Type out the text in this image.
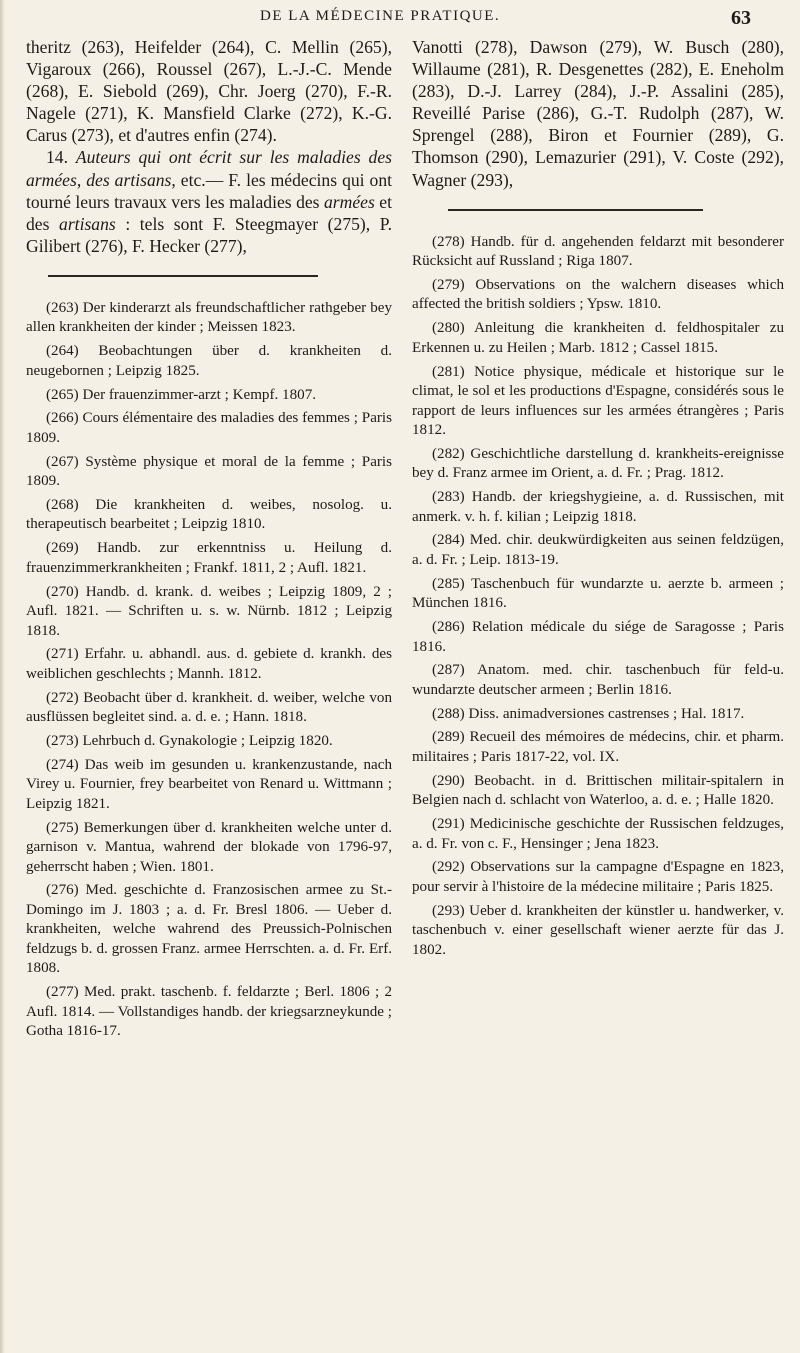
DE LA MÉDECINE PRATIQUE.	63

theritz (263), Heifelder (264), C. Mellin (265), Vigaroux (266), Roussel (267), L.-J.-C. Mende (268), E. Siebold (269), Chr. Joerg (270), F.-R. Nagele (271), K. Mansfield Clarke (272), K.-G. Carus (273), et d'autres enfin (274).

14. Auteurs qui ont écrit sur les maladies des armées, des artisans, etc.— F. les médecins qui ont tourné leurs travaux vers les maladies des armées et des artisans : tels sont F. Steegmayer (275), P. Gilibert (276), F. Hecker (277),

(263) Der kinderarzt als freundschaftlicher rathgeber bey allen krankheiten der kinder ; Meissen 1823.

(264) Beobachtungen über d. krankheiten d. neugebornen ; Leipzig 1825.

(265) Der frauenzimmer-arzt ; Kempf. 1807.

(266) Cours élémentaire des maladies des femmes ; Paris 1809.

(267) Système physique et moral de la femme ; Paris 1809.

(268) Die krankheiten d. weibes, nosolog. u. therapeutisch bearbeitet ; Leipzig 1810.

(269) Handb. zur erkenntniss u. Heilung d. frauenzimmerkrankheiten ; Frankf. 1811, 2 ; Aufl. 1821.

(270) Handb. d. krank. d. weibes ; Leipzig 1809, 2 ; Aufl. 1821. — Schriften u. s. w. Nürnb. 1812 ; Leipzig 1818.

(271) Erfahr. u. abhandl. aus. d. gebiete d. krankh. des weiblichen geschlechts ; Mannh. 1812.

(272) Beobacht über d. krankheit. d. weiber, welche von ausflüssen begleitet sind. a. d. e. ; Hann. 1818.

(273) Lehrbuch d. Gynakologie ; Leipzig 1820.

(274) Das weib im gesunden u. krankenzustande, nach Virey u. Fournier, frey bearbeitet von Renard u. Wittmann ; Leipzig 1821.

(275) Bemerkungen über d. krankheiten welche unter d. garnison v. Mantua, wahrend der blokade von 1796-97, geherrscht haben ; Wien. 1801.

(276) Med. geschichte d. Franzosischen armee zu St.-Domingo im J. 1803 ; a. d. Fr. Bresl 1806. — Ueber d. krankheiten, welche wahrend des Preussich-Polnischen feldzugs b. d. grossen Franz. armee Herrschten. a. d. Fr. Erf. 1808.

(277) Med. prakt. taschenb. f. feldarzte ; Berl. 1806 ; 2 Aufl. 1814. — Vollstandiges handb. der kriegsarzneykunde ; Gotha 1816-17.

Vanotti (278), Dawson (279), W. Busch (280), Willaume (281), R. Desgenettes (282), E. Eneholm (283), D.-J. Larrey (284), J.-P. Assalini (285), Reveillé Parise (286), G.-T. Rudolph (287), W. Sprengel (288), Biron et Fournier (289), G. Thomson (290), Lemazurier (291), V. Coste (292), Wagner (293),

(278) Handb. für d. angehenden feldarzt mit besonderer Rücksicht auf Russland ; Riga 1807.

(279) Observations on the walchern diseases which affected the british soldiers ; Ypsw. 1810.

(280) Anleitung die krankheiten d. feldhospitaler zu Erkennen u. zu Heilen ; Marb. 1812 ; Cassel 1815.

(281) Notice physique, médicale et historique sur le climat, le sol et les productions d'Espagne, considérés sous le rapport de leurs influences sur les armées étrangères ; Paris 1812.

(282) Geschichtliche darstellung d. krankheits-ereignisse bey d. Franz armee im Orient, a. d. Fr. ; Prag. 1812.

(283) Handb. der kriegshygieine, a. d. Russischen, mit anmerk. v. h. f. kilian ; Leipzig 1818.

(284) Med. chir. deukwürdigkeiten aus seinen feldzügen, a. d. Fr. ; Leip. 1813-19.

(285) Taschenbuch für wundarzte u. aerzte b. armeen ; München 1816.

(286) Relation médicale du siége de Saragosse ; Paris 1816.

(287) Anatom. med. chir. taschenbuch für feld-u. wundarzte deutscher armeen ; Berlin 1816.

(288) Diss. animadversiones castrenses ; Hal. 1817.

(289) Recueil des mémoires de médecins, chir. et pharm. militaires ; Paris 1817-22, vol. IX.

(290) Beobacht. in d. Brittischen militair-spitalern in Belgien nach d. schlacht von Waterloo, a. d. e. ; Halle 1820.

(291) Medicinische geschichte der Russischen feldzuges, a. d. Fr. von c. F., Hensinger ; Jena 1823.

(292) Observations sur la campagne d'Espagne en 1823, pour servir à l'histoire de la médecine militaire ; Paris 1825.

(293) Ueber d. krankheiten der künstler u. handwerker, v. taschenbuch v. einer gesellschaft wiener aerzte für das J. 1802.
